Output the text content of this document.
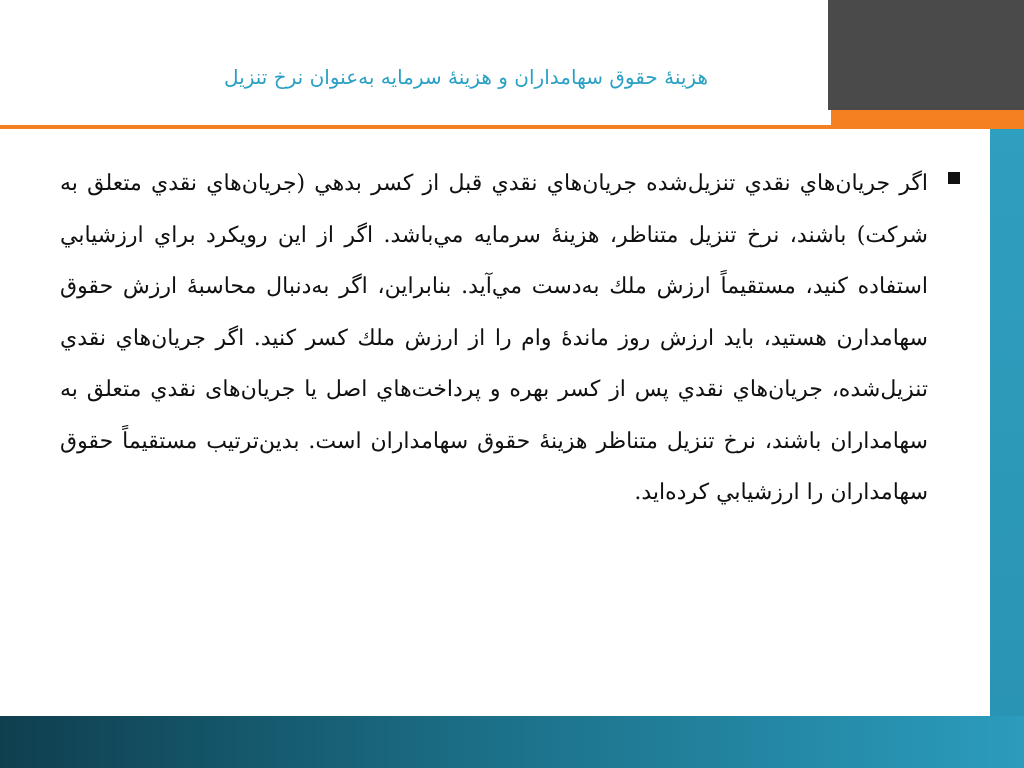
هزينۀ حقوق سهامداران و هزينۀ سرمايه به‌عنوان نرخ تنزيل

اگر جريان‌هاي نقدي تنزيل‌شده جريان‌هاي نقدي قبل از كسر بدهي (جريان‌هاي نقدي متعلق به شركت) باشند، نرخ تنزيل متناظر، هزينۀ سرمايه مي‌باشد. اگر از اين رويكرد براي ارزشيابي استفاده كنيد، مستقيماً ارزش ملك به‌دست مي‌آيد. بنابراين، اگر به‌دنبال محاسبۀ ارزش حقوق سهامدارن هستيد، بايد ارزش روز ماندۀ وام را از ارزش ملك كسر كنيد. اگر جريان‌هاي نقدي تنزيل‌شده، جريان‌هاي نقدي پس از كسر بهره و پرداخت‌هاي اصل يا جريان‌های نقدي متعلق به سهامداران باشند، نرخ تنزيل متناظر هزينۀ حقوق سهامداران است. بدين‌ترتيب مستقيماً حقوق سهامداران را ارزشيابي كرده‌ايد.
